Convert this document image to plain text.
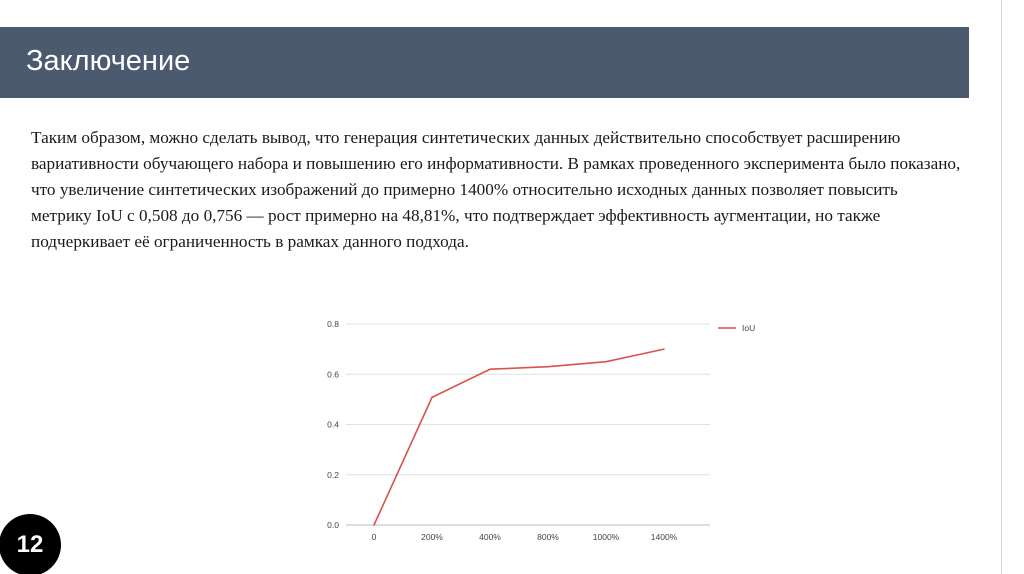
Заключение

Таким образом, можно сделать вывод, что генерация синтетических данных действительно способствует расширению вариативности обучающего набора и повышению его информативности. В рамках проведенного эксперимента было показано, что увеличение синтетических изображений до примерно 1400% относительно исходных данных позволяет повысить метрику IoU с 0,508 до 0,756 — рост примерно на 48,81%, что подтверждает эффективность аугментации, но также подчеркивает её ограниченность в рамках данного подхода.

0.0
0.2
0.4
0.6
0.8
0	200%	400%	800%	1000%	1400%
IoU
12
